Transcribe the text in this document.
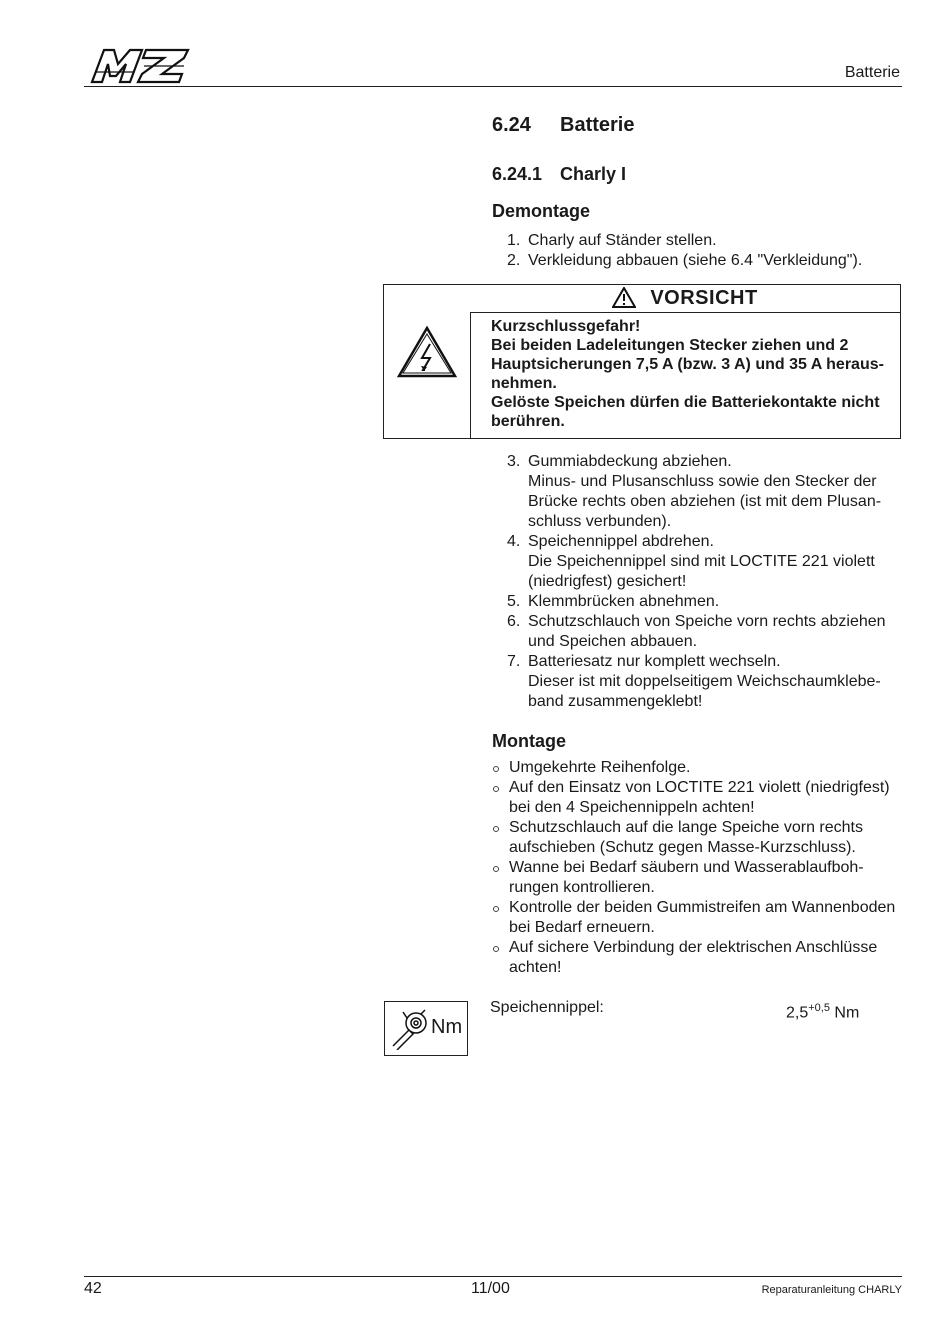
Batterie
6.24 Batterie
6.24.1 Charly I
Demontage
1. Charly auf Ständer stellen.
2. Verkleidung abbauen (siehe 6.4 "Verkleidung").
VORSICHT
Kurzschlussgefahr!
Bei beiden Ladeleitungen Stecker ziehen und 2
Hauptsicherungen 7,5 A (bzw. 3 A) und 35 A heraus-
nehmen.
Gelöste Speichen dürfen die Batteriekontakte nicht
berühren.
3. Gummiabdeckung abziehen.
Minus- und Plusanschluss sowie den Stecker der
Brücke rechts oben abziehen (ist mit dem Plusan-
schluss verbunden).
4. Speichennippel abdrehen.
Die Speichennippel sind mit LOCTITE 221 violett
(niedrigfest) gesichert!
5. Klemmbrücken abnehmen.
6. Schutzschlauch von Speiche vorn rechts abziehen
und Speichen abbauen.
7. Batteriesatz nur komplett wechseln.
Dieser ist mit doppelseitigem Weichschaumklebe-
band zusammengeklebt!
Montage
Umgekehrte Reihenfolge.
Auf den Einsatz von LOCTITE 221 violett (niedrigfest)
bei den 4 Speichennippeln achten!
Schutzschlauch auf die lange Speiche vorn rechts
aufschieben (Schutz gegen Masse-Kurzschluss).
Wanne bei Bedarf säubern und Wasserablaufboh-
rungen kontrollieren.
Kontrolle der beiden Gummistreifen am Wannenboden
bei Bedarf erneuern.
Auf sichere Verbindung der elektrischen Anschlüsse
achten!
Nm
Speichennippel:	$2,5^{+0,5}$ Nm
42	11/00	Reparaturanleitung CHARLY
